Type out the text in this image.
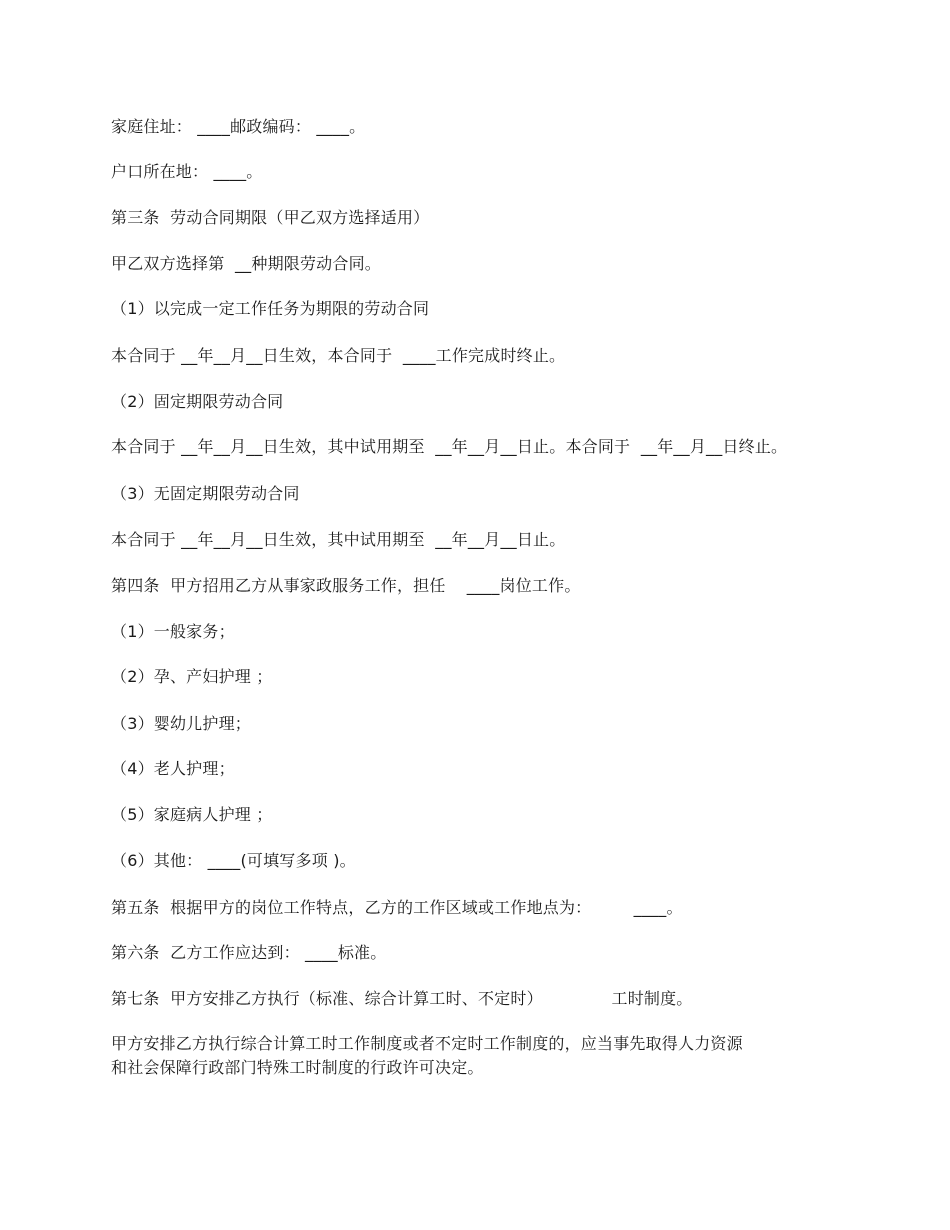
家庭住址： ____邮政编码： ____。
户口所在地： ____。
第三条  劳动合同期限（甲乙双方选择适用）
甲乙双方选择第  __种期限劳动合同。
（1）以完成一定工作任务为期限的劳动合同
本合同于 __年__月__日生效，本合同于  ____工作完成时终止。
（2）固定期限劳动合同
本合同于 __年__月__日生效，其中试用期至  __年__月__日止。本合同于  __年__月__日终止。
（3）无固定期限劳动合同
本合同于 __年__月__日生效，其中试用期至  __年__月__日止。
第四条  甲方招用乙方从事家政服务工作，担任    ____岗位工作。
（1）一般家务；
（2）孕、产妇护理 ；
（3）婴幼儿护理；
（4）老人护理；
（5）家庭病人护理 ；
（6）其他： ____(可填写多项 )。
第五条  根据甲方的岗位工作特点，乙方的工作区域或工作地点为：        ____。
第六条  乙方工作应达到： ____标准。
第七条  甲方安排乙方执行（标准、综合计算工时、不定时）             工时制度。
甲方安排乙方执行综合计算工时工作制度或者不定时工作制度的，应当事先取得人力资源
和社会保障行政部门特殊工时制度的行政许可决定。
